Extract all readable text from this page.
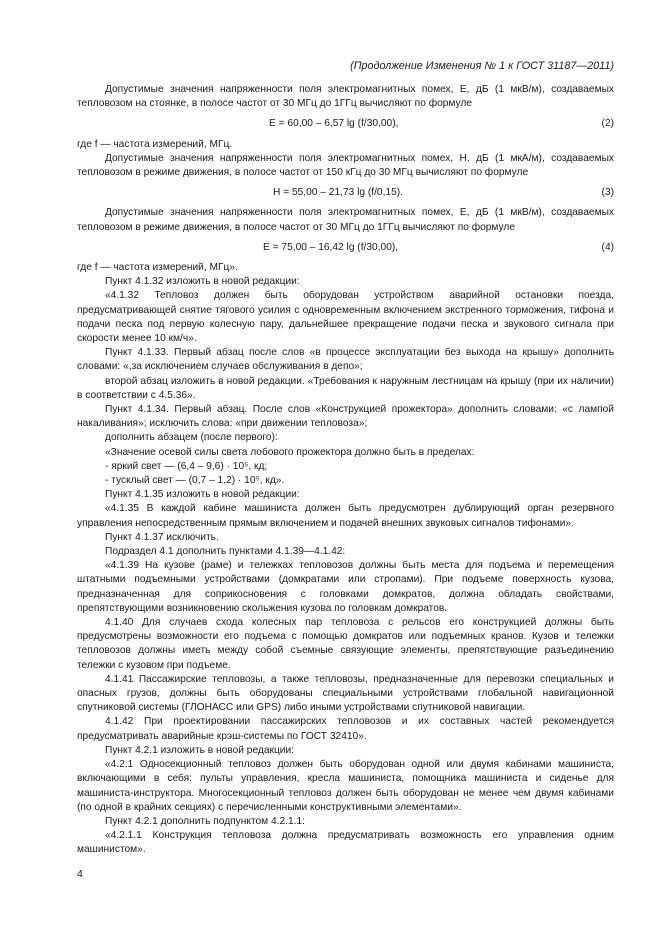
(Продолжение Изменения № 1 к ГОСТ 31187—2011)
Допустимые значения напряженности поля электромагнитных помех, E, дБ (1 мкВ/м), создаваемых тепловозом на стоянке, в полосе частот от 30 МГц до 1ГГц вычисляют по формуле
E = 60,00 – 6,57 lg (f/30,00),	(2)
где f — частота измерений, МГц.
Допустимые значения напряженности поля электромагнитных помех, H, дБ (1 мкА/м), создаваемых тепловозом в режиме движения, в полосе частот от 150 кГц до 30 МГц вычисляют по формуле
H = 55,00 – 21,73 lg (f/0,15).	(3)
Допустимые значения напряженности поля электромагнитных помех, E, дБ (1 мкВ/м), создаваемых тепловозом в режиме движения, в полосе частот от 30 МГц до 1ГГц вычисляют по формуле
E = 75,00 – 16,42 lg (f/30,00),	(4)
где f — частота измерений, МГц».
Пункт 4.1.32 изложить в новой редакции:
«4.1.32 Тепловоз должен быть оборудован устройством аварийной остановки поезда, предусматривающей снятие тягового усилия с одновременным включением экстренного торможения, тифона и подачи песка под первую колесную пару, дальнейшее прекращение подачи песка и звукового сигнала при скорости менее 10 км/ч».
Пункт 4.1.33. Первый абзац после слов «в процессе эксплуатации без выхода на крышу» дополнить словами: «,за исключением случаев обслуживания в депо»;
второй абзац изложить в новой редакции. «Требования к наружным лестницам на крышу (при их наличии) в соответствии с 4.5.36».
Пункт 4.1.34. Первый абзац. После слов «Конструкцией прожектора» дополнить словами: «с лампой накаливания»; исключить слова: «при движении тепловоза»;
дополнить абзацем (после первого):
«Значение осевой силы света лобового прожектора должно быть в пределах:
- яркий свет — (6,4 – 9,6) · 10⁵, кд;
- тусклый свет — (0,7 – 1,2) · 10⁵, кд».
Пункт 4.1.35 изложить в новой редакции:
«4.1.35 В каждой кабине машиниста должен быть предусмотрен дублирующий орган резервного управления непосредственным прямым включением и подачей внешних звуковых сигналов тифонами».
Пункт 4.1.37 исключить.
Подраздел 4.1 дополнить пунктами 4.1.39—4.1.42:
«4.1.39 На кузове (раме) и тележках тепловозов должны быть места для подъема и перемещения штатными подъемными устройствами (домкратами или стропами). При подъеме поверхность кузова, предназначенная для соприкосновения с головками домкратов, должна обладать свойствами, препятствующими возникновению скольжения кузова по головкам домкратов.
4.1.40 Для случаев схода колесных пар тепловоза с рельсов его конструкцией должны быть предусмотрены возможности его подъема с помощью домкратов или подъемных кранов. Кузов и тележки тепловозов должны иметь между собой съемные связующие элементы, препятствующие разъединению тележки с кузовом при подъеме.
4.1.41 Пассажирские тепловозы, а также тепловозы, предназначенные для перевозки специальных и опасных грузов, должны быть оборудованы специальными устройствами глобальной навигационной спутниковой системы (ГЛОНАСС или GPS) либо иными устройствами спутниковой навигации.
4.1.42 При проектировании пассажирских тепловозов и их составных частей рекомендуется предусматривать аварийные крэш-системы по ГОСТ 32410».
Пункт 4.2.1 изложить в новой редакции:
«4.2.1 Односекционный тепловоз должен быть оборудован одной или двумя кабинами машиниста, включающими в себя: пульты управления, кресла машиниста, помощника машиниста и сиденье для машиниста-инструктора. Многосекционный тепловоз должен быть оборудован не менее чем двумя кабинами (по одной в крайних секциях) с перечисленными конструктивными элементами».
Пункт 4.2.1 дополнить подпунктом 4.2.1.1:
«4.2.1.1 Конструкция тепловоза должна предусматривать возможность его управления одним машинистом».
4
